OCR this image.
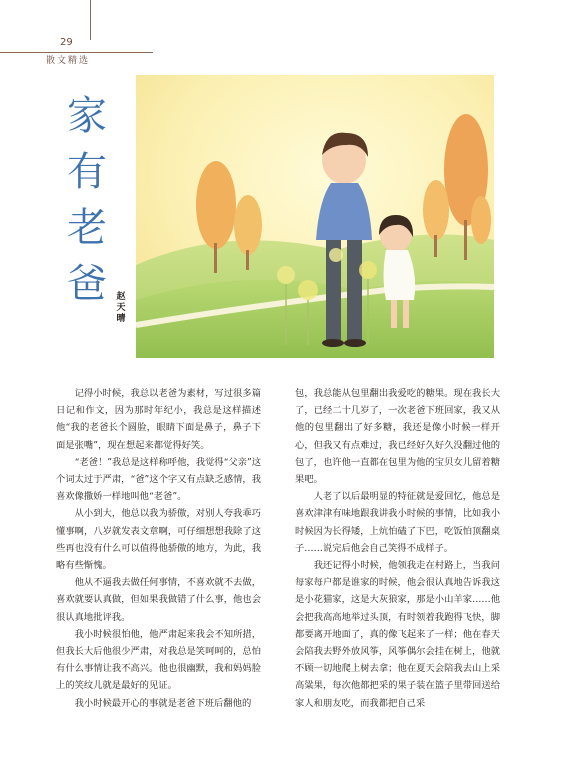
29
散文精选
家
有
老
爸	赵
天
晴

记得小时候，我总以老爸为素材，写过很多篇日记和作文，因为那时年纪小，我总是这样描述他“我的老爸长个圆脸，眼睛下面是鼻子，鼻子下面是张嘴”，现在想起来都觉得好笑。

“老爸！”我总是这样称呼他，我觉得“父亲”这个词太过于严肃，“爸”这个字又有点缺乏感情，我喜欢像撒娇一样地叫他“老爸”。

从小到大，他总以我为骄傲，对别人夸我乖巧懂事啊，八岁就发表文章啊，可仔细想想我除了这些再也没有什么可以值得他骄傲的地方，为此，我略有些惭愧。

他从不逼我去做任何事情，不喜欢就不去做，喜欢就要认真做，但如果我做错了什么事，他也会很认真地批评我。

我小时候很怕他，他严肃起来我会不知所措，但我长大后他很少严肃，对我总是笑呵呵的，总怕有什么事情让我不高兴。他也很幽默，我和妈妈脸上的笑纹儿就是最好的见证。

我小时候最开心的事就是老爸下班后翻他的

包，我总能从包里翻出我爱吃的糖果。现在我长大了，已经二十几岁了，一次老爸下班回家，我又从他的包里翻出了好多糖，我还是像小时候一样开心，但我又有点难过，我已经好久好久没翻过他的包了，也许他一直都在包里为他的宝贝女儿留着糖果吧。

人老了以后最明显的特征就是爱回忆，他总是喜欢津津有味地跟我讲我小时候的事情，比如我小时候因为长得矮，上炕怕磕了下巴，吃饭怕顶翻桌子……说完后他会自己笑得不成样子。

我还记得小时候，他领我走在村路上，当我问每家每户都是谁家的时候，他会很认真地告诉我这是小花猫家，这是大灰狼家，那是小山羊家……他会把我高高地举过头顶，有时领着我跑得飞快，脚都要离开地面了，真的像飞起来了一样；他在春天会陪我去野外放风筝，风筝偶尔会挂在树上，他就不顾一切地爬上树去拿；他在夏天会陪我去山上采高粱果，每次他都把采的果子装在篮子里带回送给家人和朋友吃，而我都把自己采
